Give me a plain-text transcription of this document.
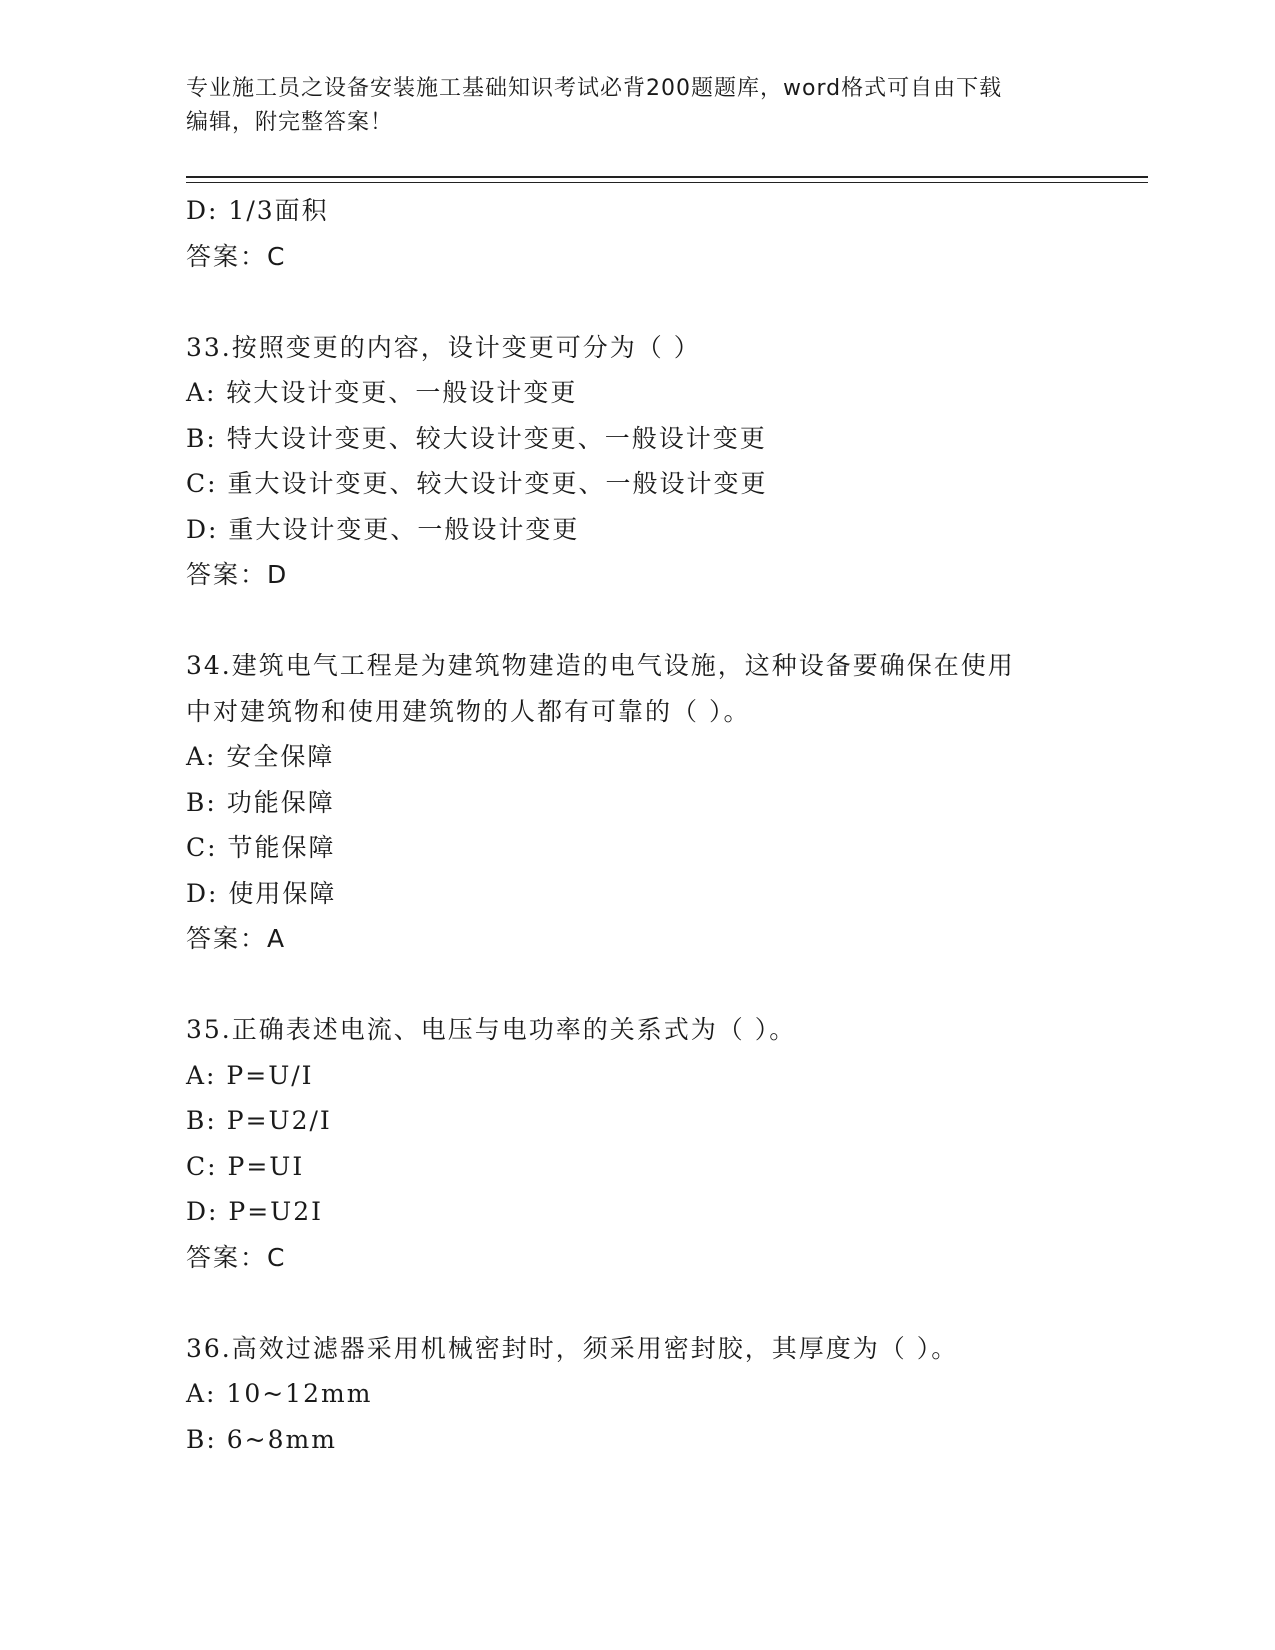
专业施工员之设备安装施工基础知识考试必背200题题库，word格式可自由下载

编辑，附完整答案！

D: 1/3面积
答案：C
33.按照变更的内容，设计变更可分为（ ）
A: 较大设计变更、一般设计变更
B: 特大设计变更、较大设计变更、一般设计变更
C: 重大设计变更、较大设计变更、一般设计变更
D: 重大设计变更、一般设计变更
答案：D
34.建筑电气工程是为建筑物建造的电气设施，这种设备要确保在使用
中对建筑物和使用建筑物的人都有可靠的（ ）。
A: 安全保障
B: 功能保障
C: 节能保障
D: 使用保障
答案：A
35.正确表述电流、电压与电功率的关系式为（ ）。
A: P=U/I
B: P=U2/I
C: P=UI
D: P=U2I
答案：C
36.高效过滤器采用机械密封时，须采用密封胶，其厚度为（ ）。
A: 10~12mm
B: 6~8mm
